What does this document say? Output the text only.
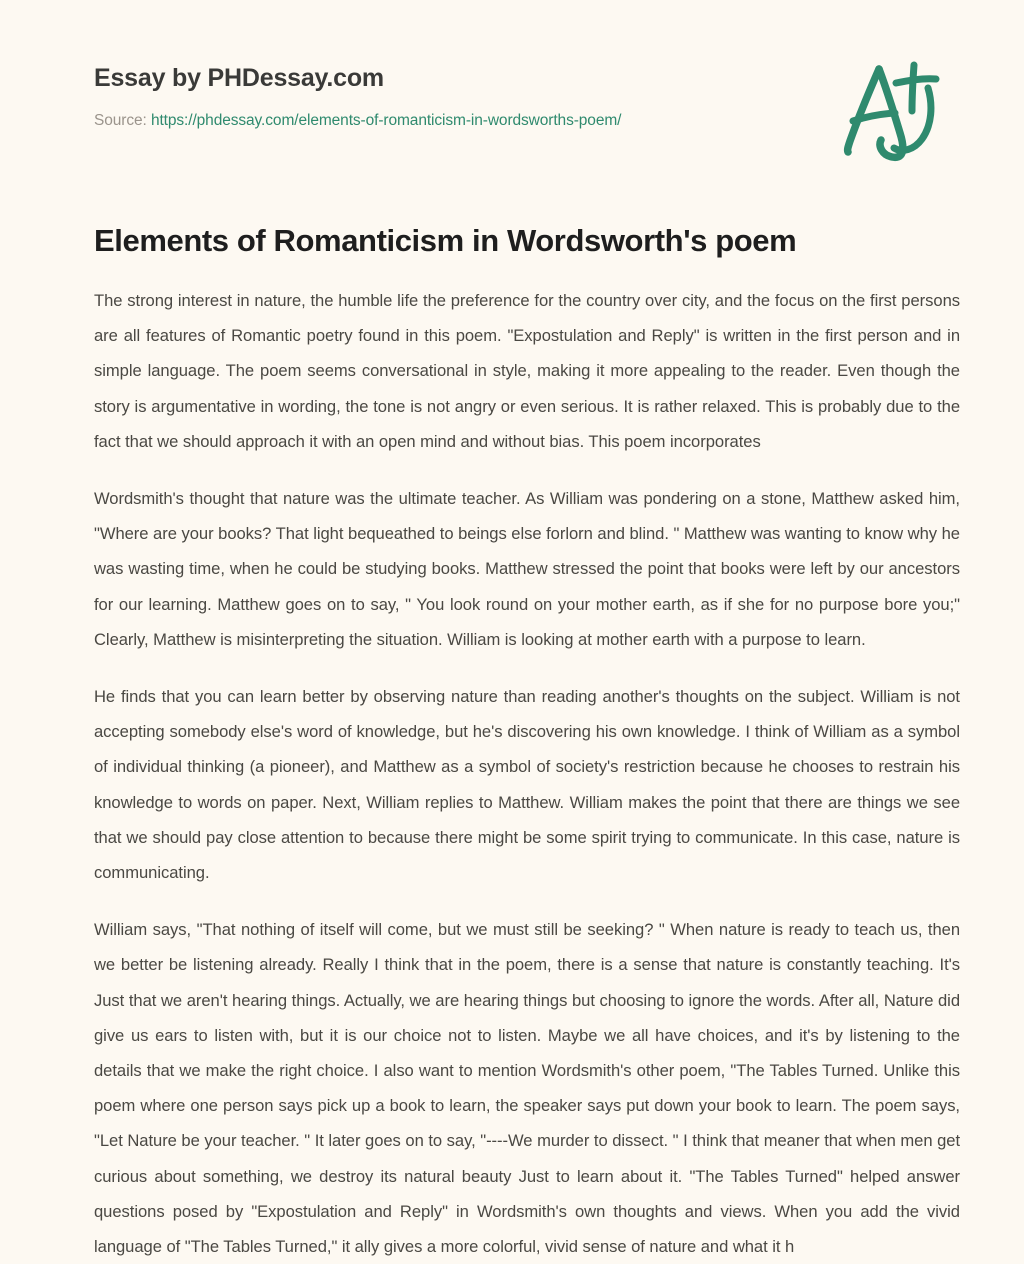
Essay by PHDessay.com
Source: https://phdessay.com/elements-of-romanticism-in-wordsworths-poem/
Elements of Romanticism in Wordsworth's poem

The strong interest in nature, the humble life the preference for the country over city, and the focus on the first persons are all features of Romantic poetry found in this poem. "Expostulation and Reply" is written in the first person and in simple language. The poem seems conversational in style, making it more appealing to the reader. Even though the story is argumentative in wording, the tone is not angry or even serious. It is rather relaxed. This is probably due to the fact that we should approach it with an open mind and without bias. This poem incorporates

Wordsmith's thought that nature was the ultimate teacher. As William was pondering on a stone, Matthew asked him, "Where are your books? That light bequeathed to beings else forlorn and blind. " Matthew was wanting to know why he was wasting time, when he could be studying books. Matthew stressed the point that books were left by our ancestors for our learning. Matthew goes on to say, " You look round on your mother earth, as if she for no purpose bore you;" Clearly, Matthew is misinterpreting the situation. William is looking at mother earth with a purpose to learn.

He finds that you can learn better by observing nature than reading another's thoughts on the subject. William is not accepting somebody else's word of knowledge, but he's discovering his own knowledge. I think of William as a symbol of individual thinking (a pioneer), and Matthew as a symbol of society's restriction because he chooses to restrain his knowledge to words on paper. Next, William replies to Matthew. William makes the point that there are things we see that we should pay close attention to because there might be some spirit trying to communicate. In this case, nature is communicating.

William says, "That nothing of itself will come, but we must still be seeking? " When nature is ready to teach us, then we better be listening already. Really I think that in the poem, there is a sense that nature is constantly teaching. It's Just that we aren't hearing things. Actually, we are hearing things but choosing to ignore the words. After all, Nature did give us ears to listen with, but it is our choice not to listen. Maybe we all have choices, and it's by listening to the details that we make the right choice. I also want to mention Wordsmith's other poem, "The Tables Turned. Unlike this poem where one person says pick up a book to learn, the speaker says put down your book to learn. The poem says, "Let Nature be your teacher. " It later goes on to say, "----We murder to dissect. " I think that meaner that when men get curious about something, we destroy its natural beauty Just to learn about it. "The Tables Turned" helped answer questions posed by "Expostulation and Reply" in Wordsmith's own thoughts and views. When you add the vivid language of "The Tables Turned," it ally gives a more colorful, vivid sense of nature and what it h
